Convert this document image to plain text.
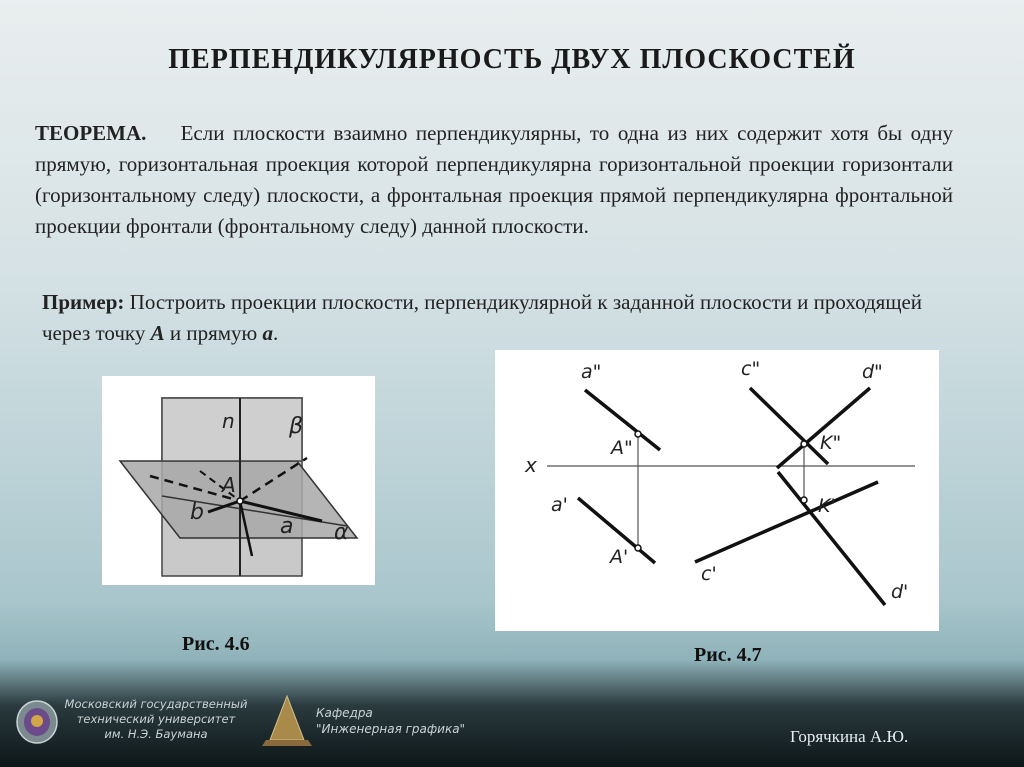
ПЕРПЕНДИКУЛЯРНОСТЬ ДВУХ ПЛОСКОСТЕЙ
ТЕОРЕМА. Если плоскости взаимно перпендикулярны, то одна из них содержит хотя бы одну прямую, горизонтальная проекция которой перпендикулярна горизонтальной проекции горизонтали (горизонтальному следу) плоскости, а фронтальная проекция прямой перпендикулярна фронтальной проекции фронтали (фронтальному следу) данной плоскости.
Пример: Построить проекции плоскости, перпендикулярной к заданной плоскости и проходящей через точку A и прямую a.
n β
A
b
a α
Рис. 4.6
x
a"
A"
a'
A'
c"	d"
K"
K'
c'
d'
Рис. 4.7
Московский государственный
технический университет
им. Н.Э. Баумана
Кафедра
"Инженерная графика"	Горячкина А.Ю.
